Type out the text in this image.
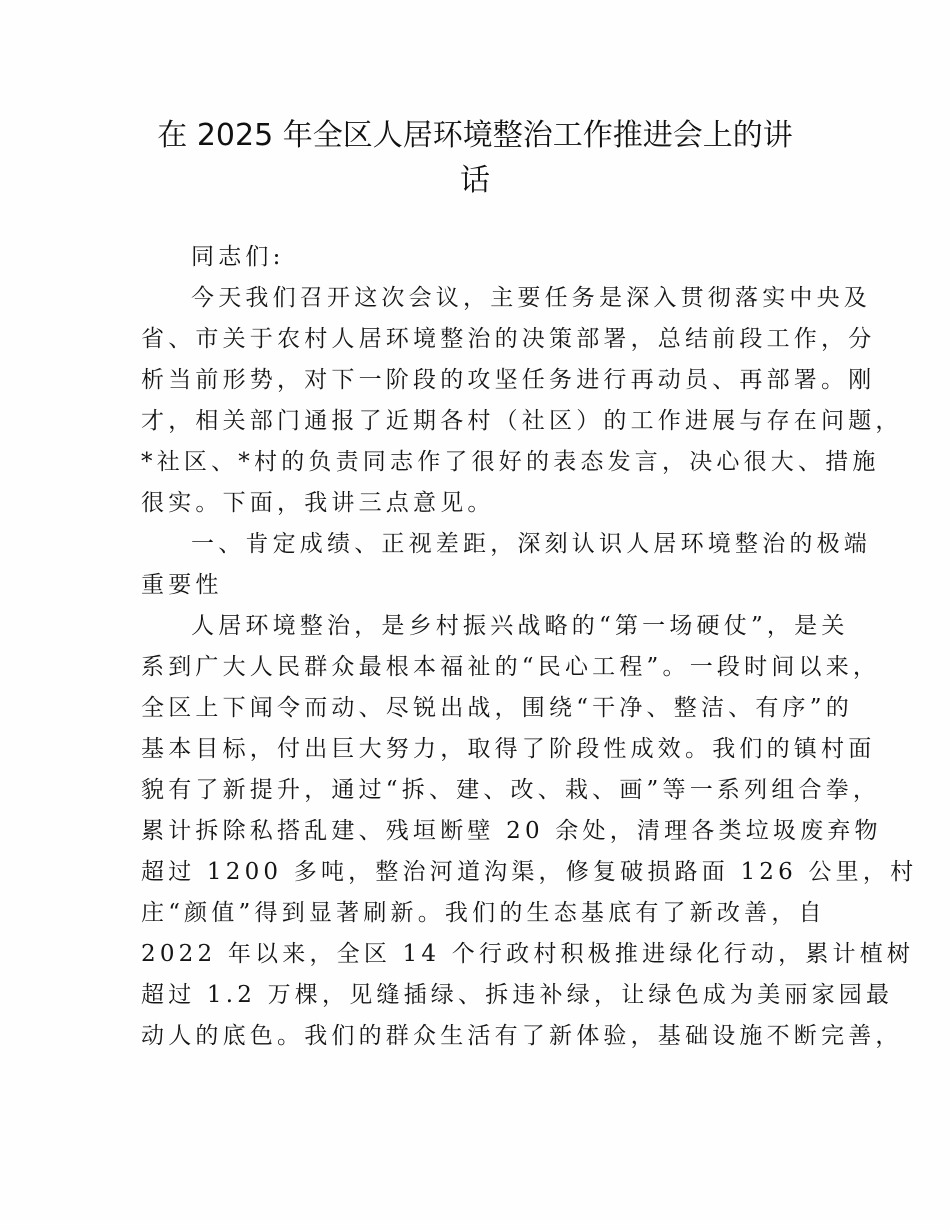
在 2025 年全区人居环境整治工作推进会上的讲
话
同志们:
今天我们召开这次会议，主要任务是深入贯彻落实中央及
省、市关于农村人居环境整治的决策部署，总结前段工作，分
析当前形势，对下一阶段的攻坚任务进行再动员、再部署。刚
才，相关部门通报了近期各村（社区）的工作进展与存在问题，
*社区、*村的负责同志作了很好的表态发言，决心很大、措施
很实。下面，我讲三点意见。
一、肯定成绩、正视差距，深刻认识人居环境整治的极端
重要性
人居环境整治，是乡村振兴战略的“第一场硬仗”，是关
系到广大人民群众最根本福祉的“民心工程”。一段时间以来，
全区上下闻令而动、尽锐出战，围绕“干净、整洁、有序”的
基本目标，付出巨大努力，取得了阶段性成效。我们的镇村面
貌有了新提升，通过“拆、建、改、栽、画”等一系列组合拳，
累计拆除私搭乱建、残垣断壁 20 余处，清理各类垃圾废弃物
超过 1200 多吨，整治河道沟渠，修复破损路面 126 公里，村
庄“颜值”得到显著刷新。我们的生态基底有了新改善，自
2022 年以来，全区 14 个行政村积极推进绿化行动，累计植树
超过 1.2 万棵，见缝插绿、拆违补绿，让绿色成为美丽家园最
动人的底色。我们的群众生活有了新体验，基础设施不断完善，
